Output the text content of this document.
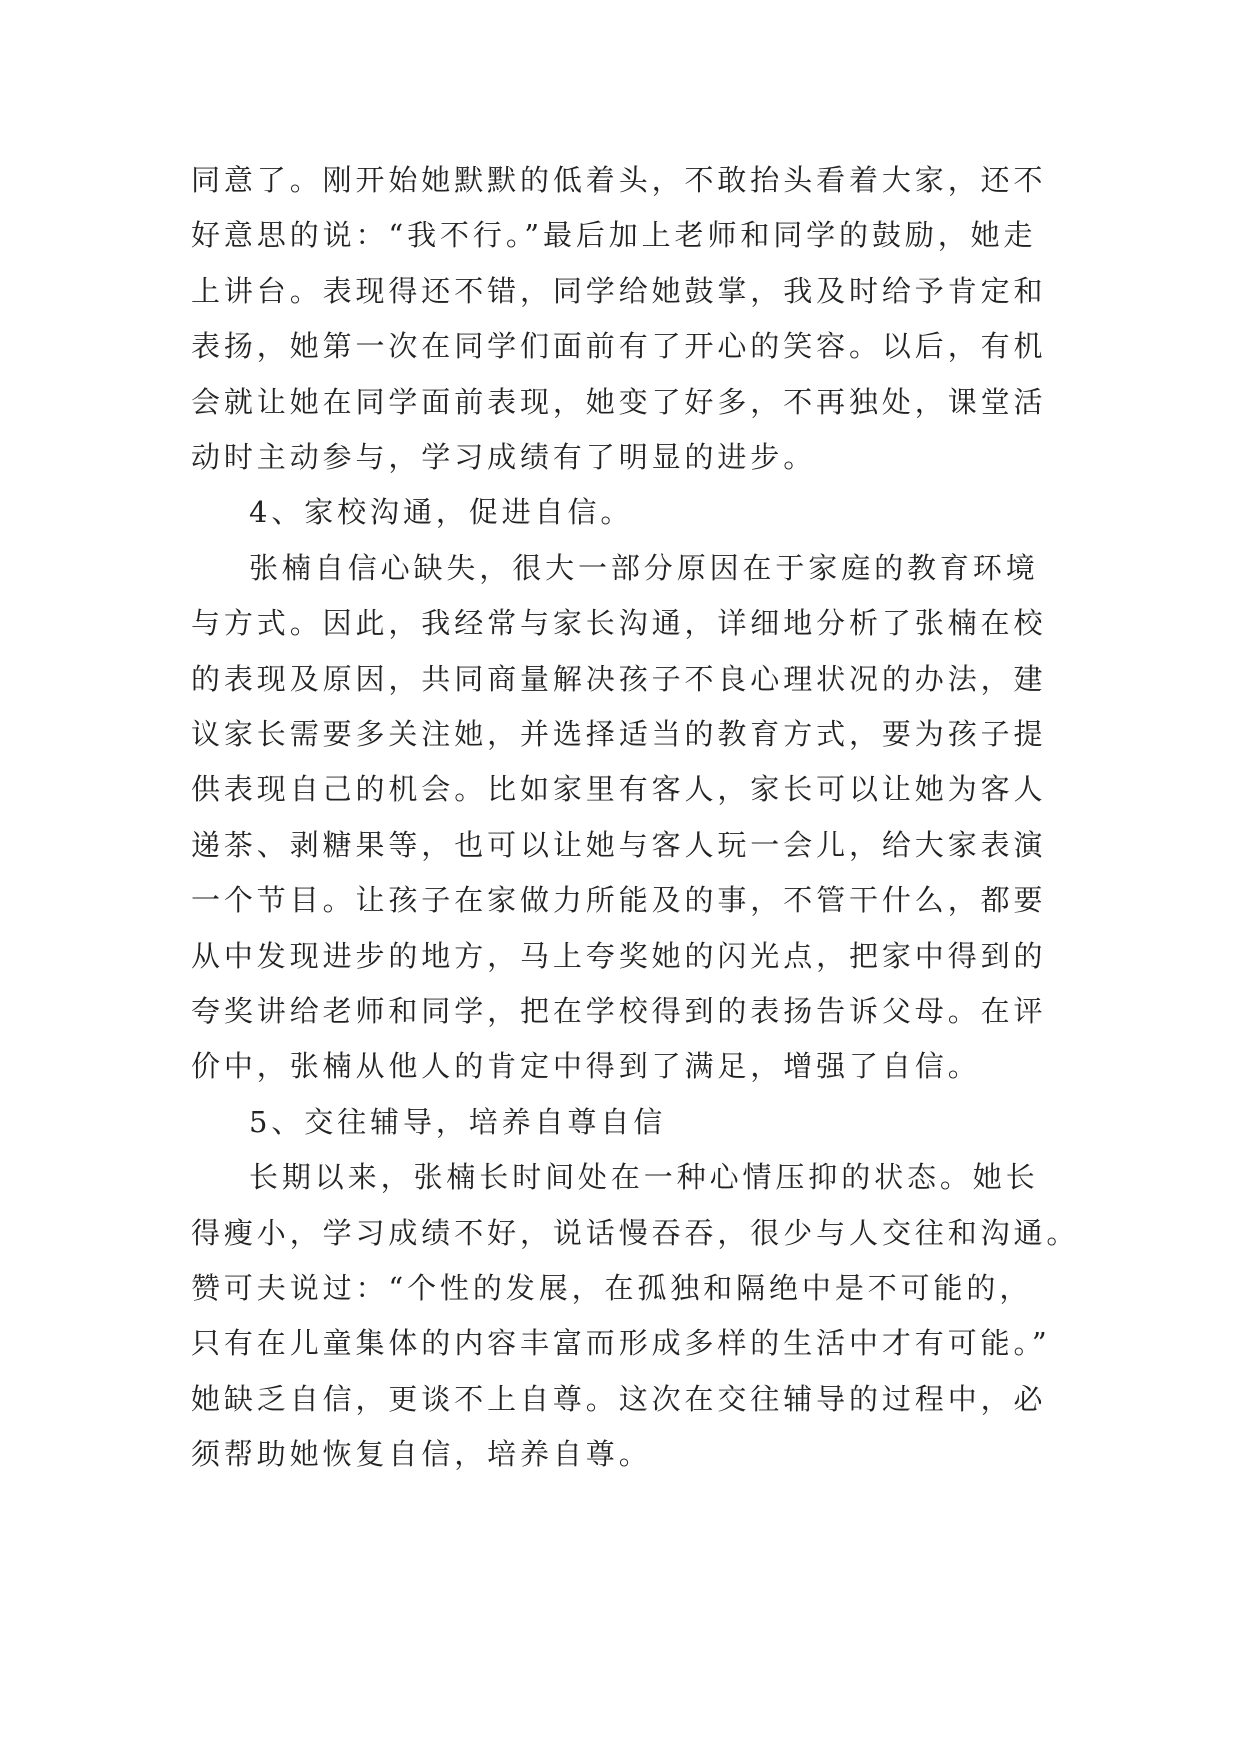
同意了。刚开始她默默的低着头，不敢抬头看着大家，还不
好意思的说：“我不行。”最后加上老师和同学的鼓励，她走
上讲台。表现得还不错，同学给她鼓掌，我及时给予肯定和
表扬，她第一次在同学们面前有了开心的笑容。以后，有机
会就让她在同学面前表现，她变了好多，不再独处，课堂活
动时主动参与，学习成绩有了明显的进步。
4、家校沟通，促进自信。
张楠自信心缺失，很大一部分原因在于家庭的教育环境
与方式。因此，我经常与家长沟通，详细地分析了张楠在校
的表现及原因，共同商量解决孩子不良心理状况的办法，建
议家长需要多关注她，并选择适当的教育方式，要为孩子提
供表现自己的机会。比如家里有客人，家长可以让她为客人
递茶、剥糖果等，也可以让她与客人玩一会儿，给大家表演
一个节目。让孩子在家做力所能及的事，不管干什么，都要
从中发现进步的地方，马上夸奖她的闪光点，把家中得到的
夸奖讲给老师和同学，把在学校得到的表扬告诉父母。在评
价中，张楠从他人的肯定中得到了满足，增强了自信。
5、交往辅导，培养自尊自信
长期以来，张楠长时间处在一种心情压抑的状态。她长
得瘦小，学习成绩不好，说话慢吞吞，很少与人交往和沟通。
赞可夫说过：“个性的发展，在孤独和隔绝中是不可能的，
只有在儿童集体的内容丰富而形成多样的生活中才有可能。”
她缺乏自信，更谈不上自尊。这次在交往辅导的过程中，必
须帮助她恢复自信，培养自尊。
